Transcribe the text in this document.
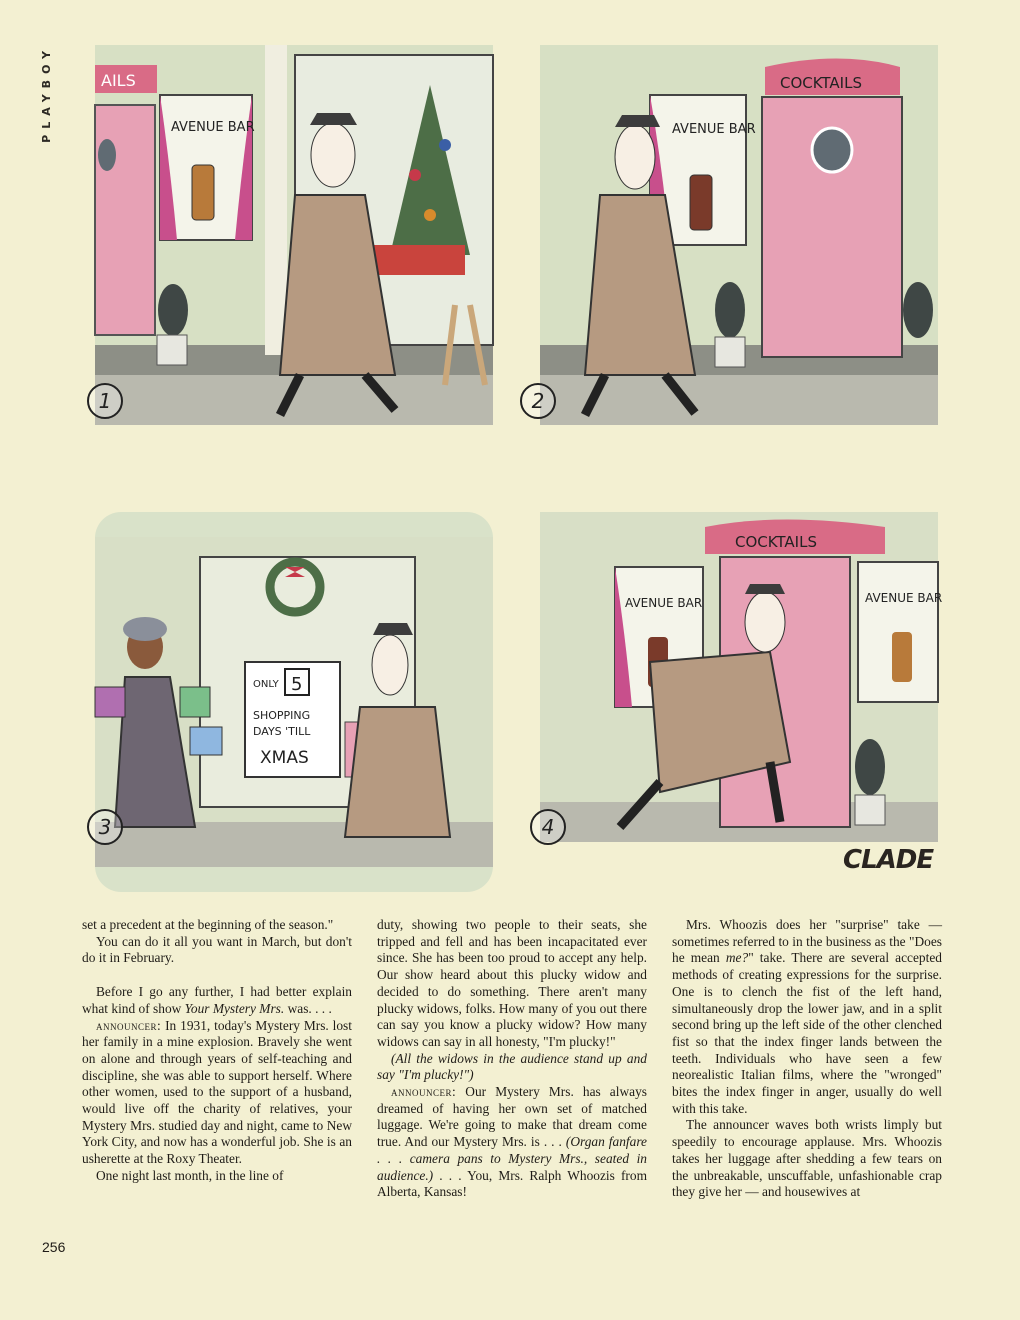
PLAYBOY	AILS
AVENUE BAR
1
AVENUE BAR
COCKTAILS
2
ONLY 5
SHOPPING
DAYS 'TILL
XMAS
3
COCKTAILS
AVENUE BAR	AVENUE BAR
4
CLADE

set a precedent at the beginning of the season."

You can do it all you want in March, but don't do it in February.

Before I go any further, I had better explain what kind of show Your Mystery Mrs. was. . . .

announcer: In 1931, today's Mystery Mrs. lost her family in a mine explosion. Bravely she went on alone and through years of self-teaching and discipline, she was able to support herself. Where other women, used to the support of a husband, would live off the charity of relatives, your Mystery Mrs. studied day and night, came to New York City, and now has a wonderful job. She is an usherette at the Roxy Theater.

One night last month, in the line of

duty, showing two people to their seats, she tripped and fell and has been incapacitated ever since. She has been too proud to accept any help. Our show heard about this plucky widow and decided to do something. There aren't many plucky widows, folks. How many of you out there can say you know a plucky widow? How many widows can say in all honesty, "I'm plucky!"

(All the widows in the audience stand up and say "I'm plucky!")

announcer: Our Mystery Mrs. has always dreamed of having her own set of matched luggage. We're going to make that dream come true. And our Mystery Mrs. is . . . (Organ fanfare . . . camera pans to Mystery Mrs., seated in audience.) . . . You, Mrs. Ralph Whoozis from Alberta, Kansas!

Mrs. Whoozis does her "surprise" take — sometimes referred to in the business as the "Does he mean me?" take. There are several accepted methods of creating expressions for the surprise. One is to clench the fist of the left hand, simultaneously drop the lower jaw, and in a split second bring up the left side of the other clenched fist so that the index finger lands between the teeth. Individuals who have seen a few neorealistic Italian films, where the "wronged" bites the index finger in anger, usually do well with this take.

The announcer waves both wrists limply but speedily to encourage applause. Mrs. Whoozis takes her luggage after shedding a few tears on the unbreakable, unscuffable, unfashionable crap they give her — and housewives at

256
